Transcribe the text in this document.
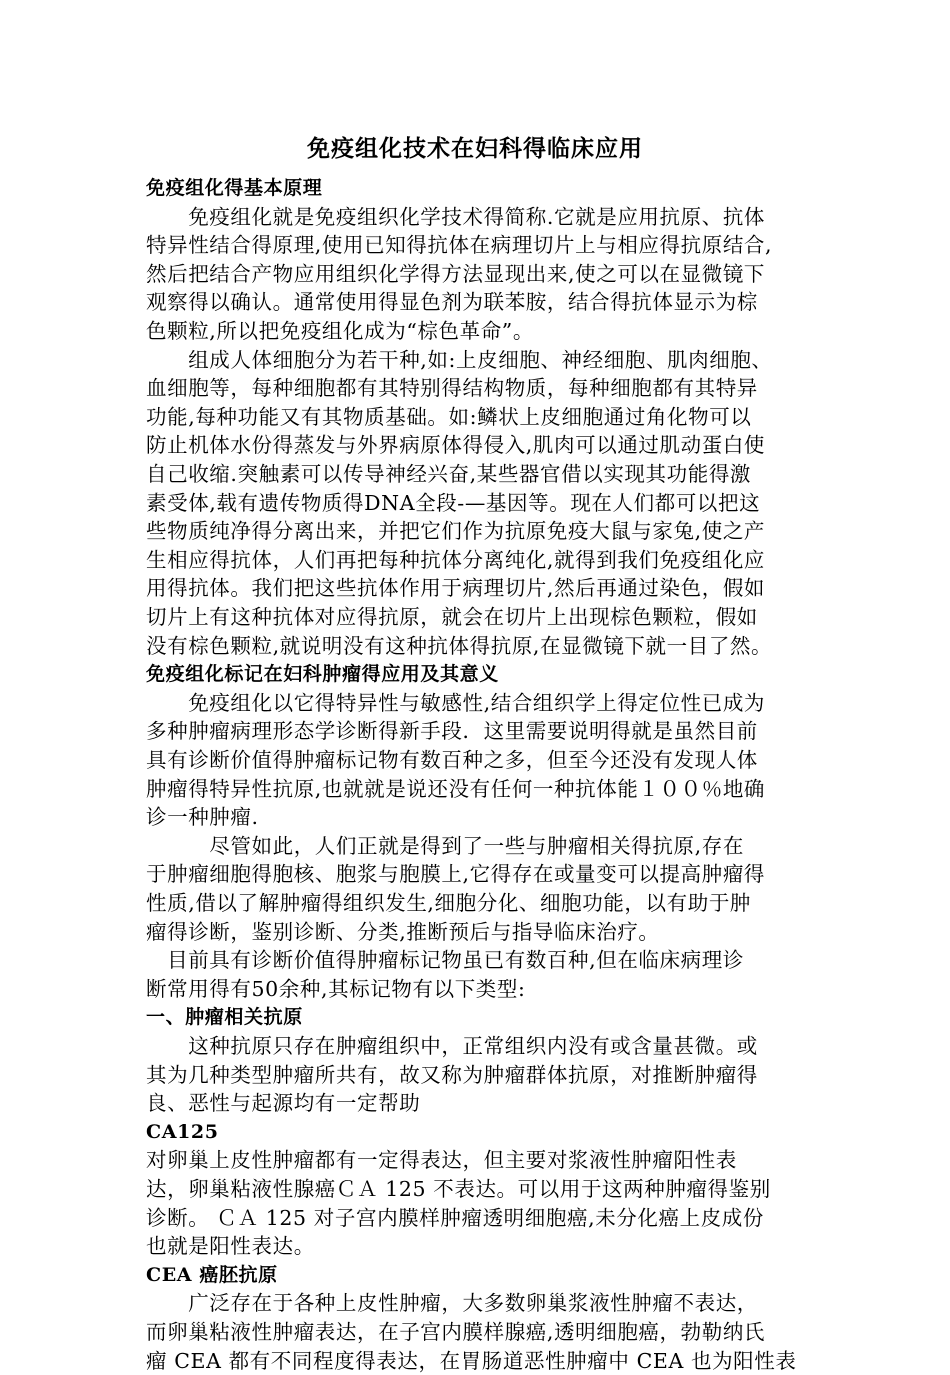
免疫组化技术在妇科得临床应用
免疫组化得基本原理
　　免疫组化就是免疫组织化学技术得简称.它就是应用抗原、抗体
特异性结合得原理,使用已知得抗体在病理切片上与相应得抗原结合,
然后把结合产物应用组织化学得方法显现出来,使之可以在显微镜下
观察得以确认。通常使用得显色剂为联苯胺，结合得抗体显示为棕
色颗粒,所以把免疫组化成为“棕色革命”。
　　组成人体细胞分为若干种,如:上皮细胞、神经细胞、肌肉细胞、
血细胞等，每种细胞都有其特别得结构物质，每种细胞都有其特异
功能,每种功能又有其物质基础。如:鳞状上皮细胞通过角化物可以
防止机体水份得蒸发与外界病原体得侵入,肌肉可以通过肌动蛋白使
自己收缩.突触素可以传导神经兴奋,某些器官借以实现其功能得激
素受体,载有遗传物质得DNA全段-—基因等。现在人们都可以把这
些物质纯净得分离出来，并把它们作为抗原免疫大鼠与家兔,使之产
生相应得抗体，人们再把每种抗体分离纯化,就得到我们免疫组化应
用得抗体。我们把这些抗体作用于病理切片,然后再通过染色，假如
切片上有这种抗体对应得抗原，就会在切片上出现棕色颗粒，假如
没有棕色颗粒,就说明没有这种抗体得抗原,在显微镜下就一目了然。
免疫组化标记在妇科肿瘤得应用及其意义
　　免疫组化以它得特异性与敏感性,结合组织学上得定位性已成为
多种肿瘤病理形态学诊断得新手段．这里需要说明得就是虽然目前
具有诊断价值得肿瘤标记物有数百种之多，但至今还没有发现人体
肿瘤得特异性抗原,也就就是说还没有任何一种抗体能１００％地确
诊一种肿瘤.
　　　尽管如此，人们正就是得到了一些与肿瘤相关得抗原,存在
于肿瘤细胞得胞核、胞浆与胞膜上,它得存在或量变可以提高肿瘤得
性质,借以了解肿瘤得组织发生,细胞分化、细胞功能，以有助于肿
瘤得诊断，鉴别诊断、分类,推断预后与指导临床治疗。
　目前具有诊断价值得肿瘤标记物虽已有数百种,但在临床病理诊
断常用得有50余种,其标记物有以下类型:
一、肿瘤相关抗原
　　这种抗原只存在肿瘤组织中，正常组织内没有或含量甚微。或
其为几种类型肿瘤所共有，故又称为肿瘤群体抗原，对推断肿瘤得
良、恶性与起源均有一定帮助
CA125
对卵巢上皮性肿瘤都有一定得表达，但主要对浆液性肿瘤阳性表
达，卵巢粘液性腺癌ＣＡ 125 不表达。可以用于这两种肿瘤得鉴别
诊断。 ＣＡ 125 对子宫内膜样肿瘤透明细胞癌,未分化癌上皮成份
也就是阳性表达。
CEA 癌胚抗原
　　广泛存在于各种上皮性肿瘤，大多数卵巢浆液性肿瘤不表达，
而卵巢粘液性肿瘤表达，在子宫内膜样腺癌,透明细胞癌，勃勒纳氏
瘤 CEA 都有不同程度得表达，在胃肠道恶性肿瘤中 CEA 也为阳性表
